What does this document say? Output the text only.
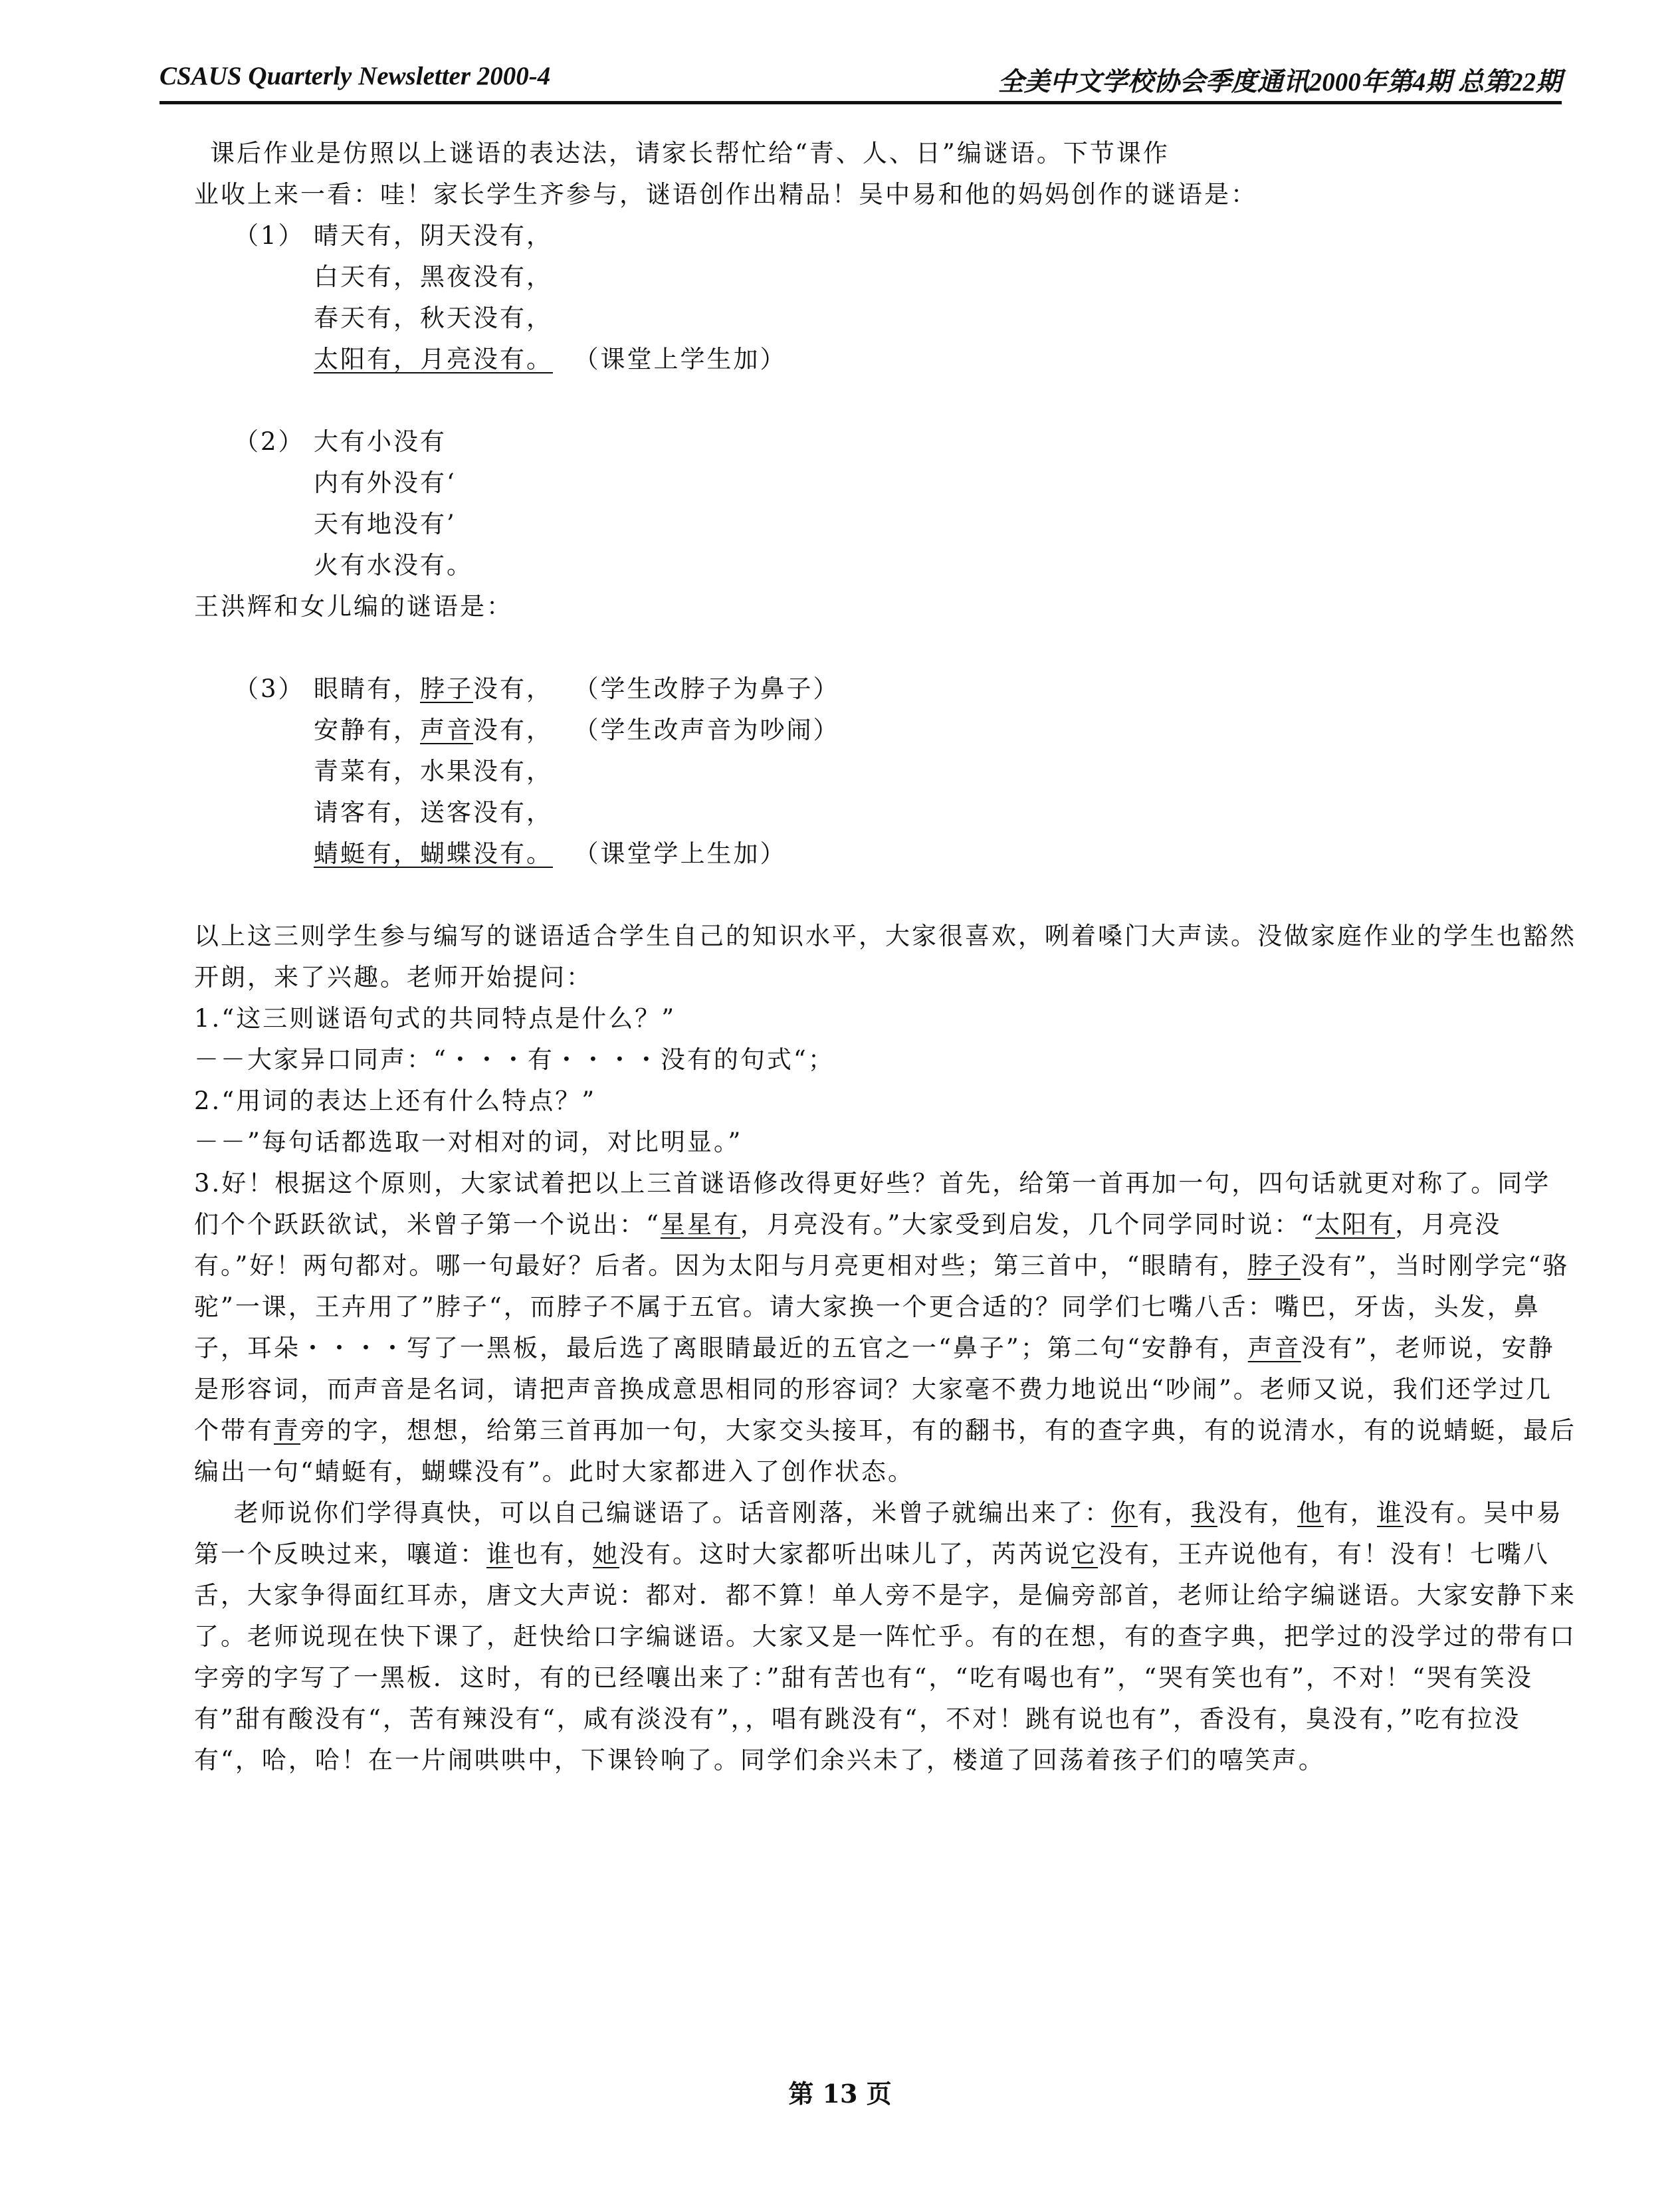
CSAUS Quarterly Newsletter 2000-4	全美中文学校协会季度通讯2000年第4期 总第22期

课后作业是仿照以上谜语的表达法，请家长帮忙给“青、人、日”编谜语。下节课作

业收上来一看：哇！家长学生齐参与，谜语创作出精品！吴中易和他的妈妈创作的谜语是：

（1） 晴天有，阴天没有，
白天有，黑夜没有，
春天有，秋天没有，
太阳有，月亮没有。 （课堂上学生加）
（2） 大有小没有
内有外没有‘
天有地没有’
火有水没有。

王洪辉和女儿编的谜语是：

（3） 眼睛有，脖子没有， （学生改脖子为鼻子）
安静有，声音没有， （学生改声音为吵闹）
青菜有，水果没有，
请客有，送客没有，
蜻蜓有，蝴蝶没有。 （课堂学上生加）

以上这三则学生参与编写的谜语适合学生自己的知识水平，大家很喜欢，咧着嗓门大声读。没做家庭作业的学生也豁然开朗，来了兴趣。老师开始提问：

1.“这三则谜语句式的共同特点是什么？”

－－大家异口同声：“・・・有・・・・没有的句式“；

2.“用词的表达上还有什么特点？”

－－”每句话都选取一对相对的词，对比明显。”

3.好！根据这个原则，大家试着把以上三首谜语修改得更好些？首先，给第一首再加一句，四句话就更对称了。同学们个个跃跃欲试，米曾子第一个说出：“星星有，月亮没有。”大家受到启发，几个同学同时说：“太阳有，月亮没有。”好！两句都对。哪一句最好？后者。因为太阳与月亮更相对些；第三首中，“眼睛有，脖子没有”，当时刚学完“骆驼”一课，王卉用了”脖子“，而脖子不属于五官。请大家换一个更合适的？同学们七嘴八舌：嘴巴，牙齿，头发，鼻子，耳朵・・・・写了一黑板，最后选了离眼睛最近的五官之一“鼻子”；第二句“安静有，声音没有”，老师说，安静是形容词，而声音是名词，请把声音换成意思相同的形容词？大家毫不费力地说出“吵闹”。老师又说，我们还学过几个带有青旁的字，想想，给第三首再加一句，大家交头接耳，有的翻书，有的查字典，有的说清水，有的说蜻蜓，最后编出一句“蜻蜓有，蝴蝶没有”。此时大家都进入了创作状态。

老师说你们学得真快，可以自己编谜语了。话音刚落，米曾子就编出来了：你有，我没有，他有，谁没有。吴中易第一个反映过来，嚷道：谁也有，她没有。这时大家都听出味儿了，芮芮说它没有，王卉说他有，有！没有！七嘴八舌，大家争得面红耳赤，唐文大声说：都对．都不算！单人旁不是字，是偏旁部首，老师让给字编谜语。大家安静下来了。老师说现在快下课了，赶快给口字编谜语。大家又是一阵忙乎。有的在想，有的查字典，把学过的没学过的带有口字旁的字写了一黑板．这时，有的已经嚷出来了：”甜有苦也有“，“吃有喝也有”，“哭有笑也有”，不对！“哭有笑没有”甜有酸没有“，苦有辣没有“，咸有淡没有”，，唱有跳没有“，不对！跳有说也有”，香没有，臭没有，”吃有拉没有“，哈，哈！在一片闹哄哄中，下课铃响了。同学们余兴未了，楼道了回荡着孩子们的嘻笑声。

第 13 页
